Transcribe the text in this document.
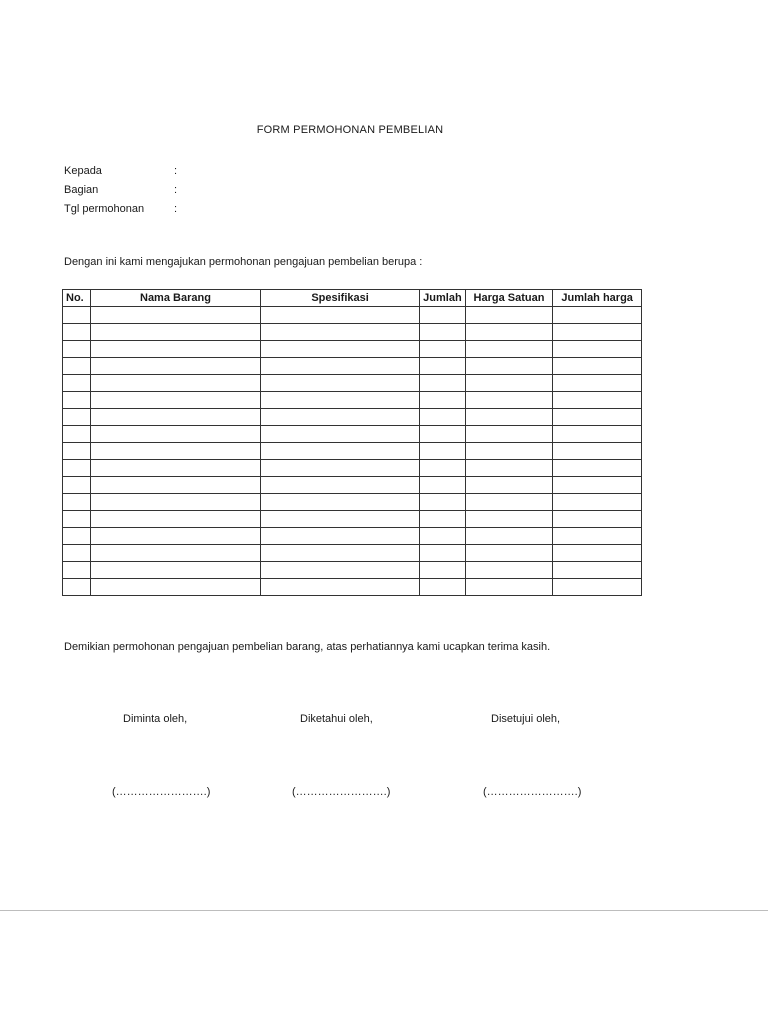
FORM PERMOHONAN PEMBELIAN
Kepada	:
Bagian	:
Tgl permohonan	:
Dengan ini kami mengajukan permohonan pengajuan pembelian berupa :
No.	Nama Barang	Spesifikasi	Jumlah	Harga Satuan	Jumlah harga

Demikian permohonan pengajuan pembelian barang, atas perhatiannya kami ucapkan terima kasih.
Diminta oleh,	Diketahui oleh,	Disetujui oleh,
(…………………….)	(…………………….)	(…………………….)
